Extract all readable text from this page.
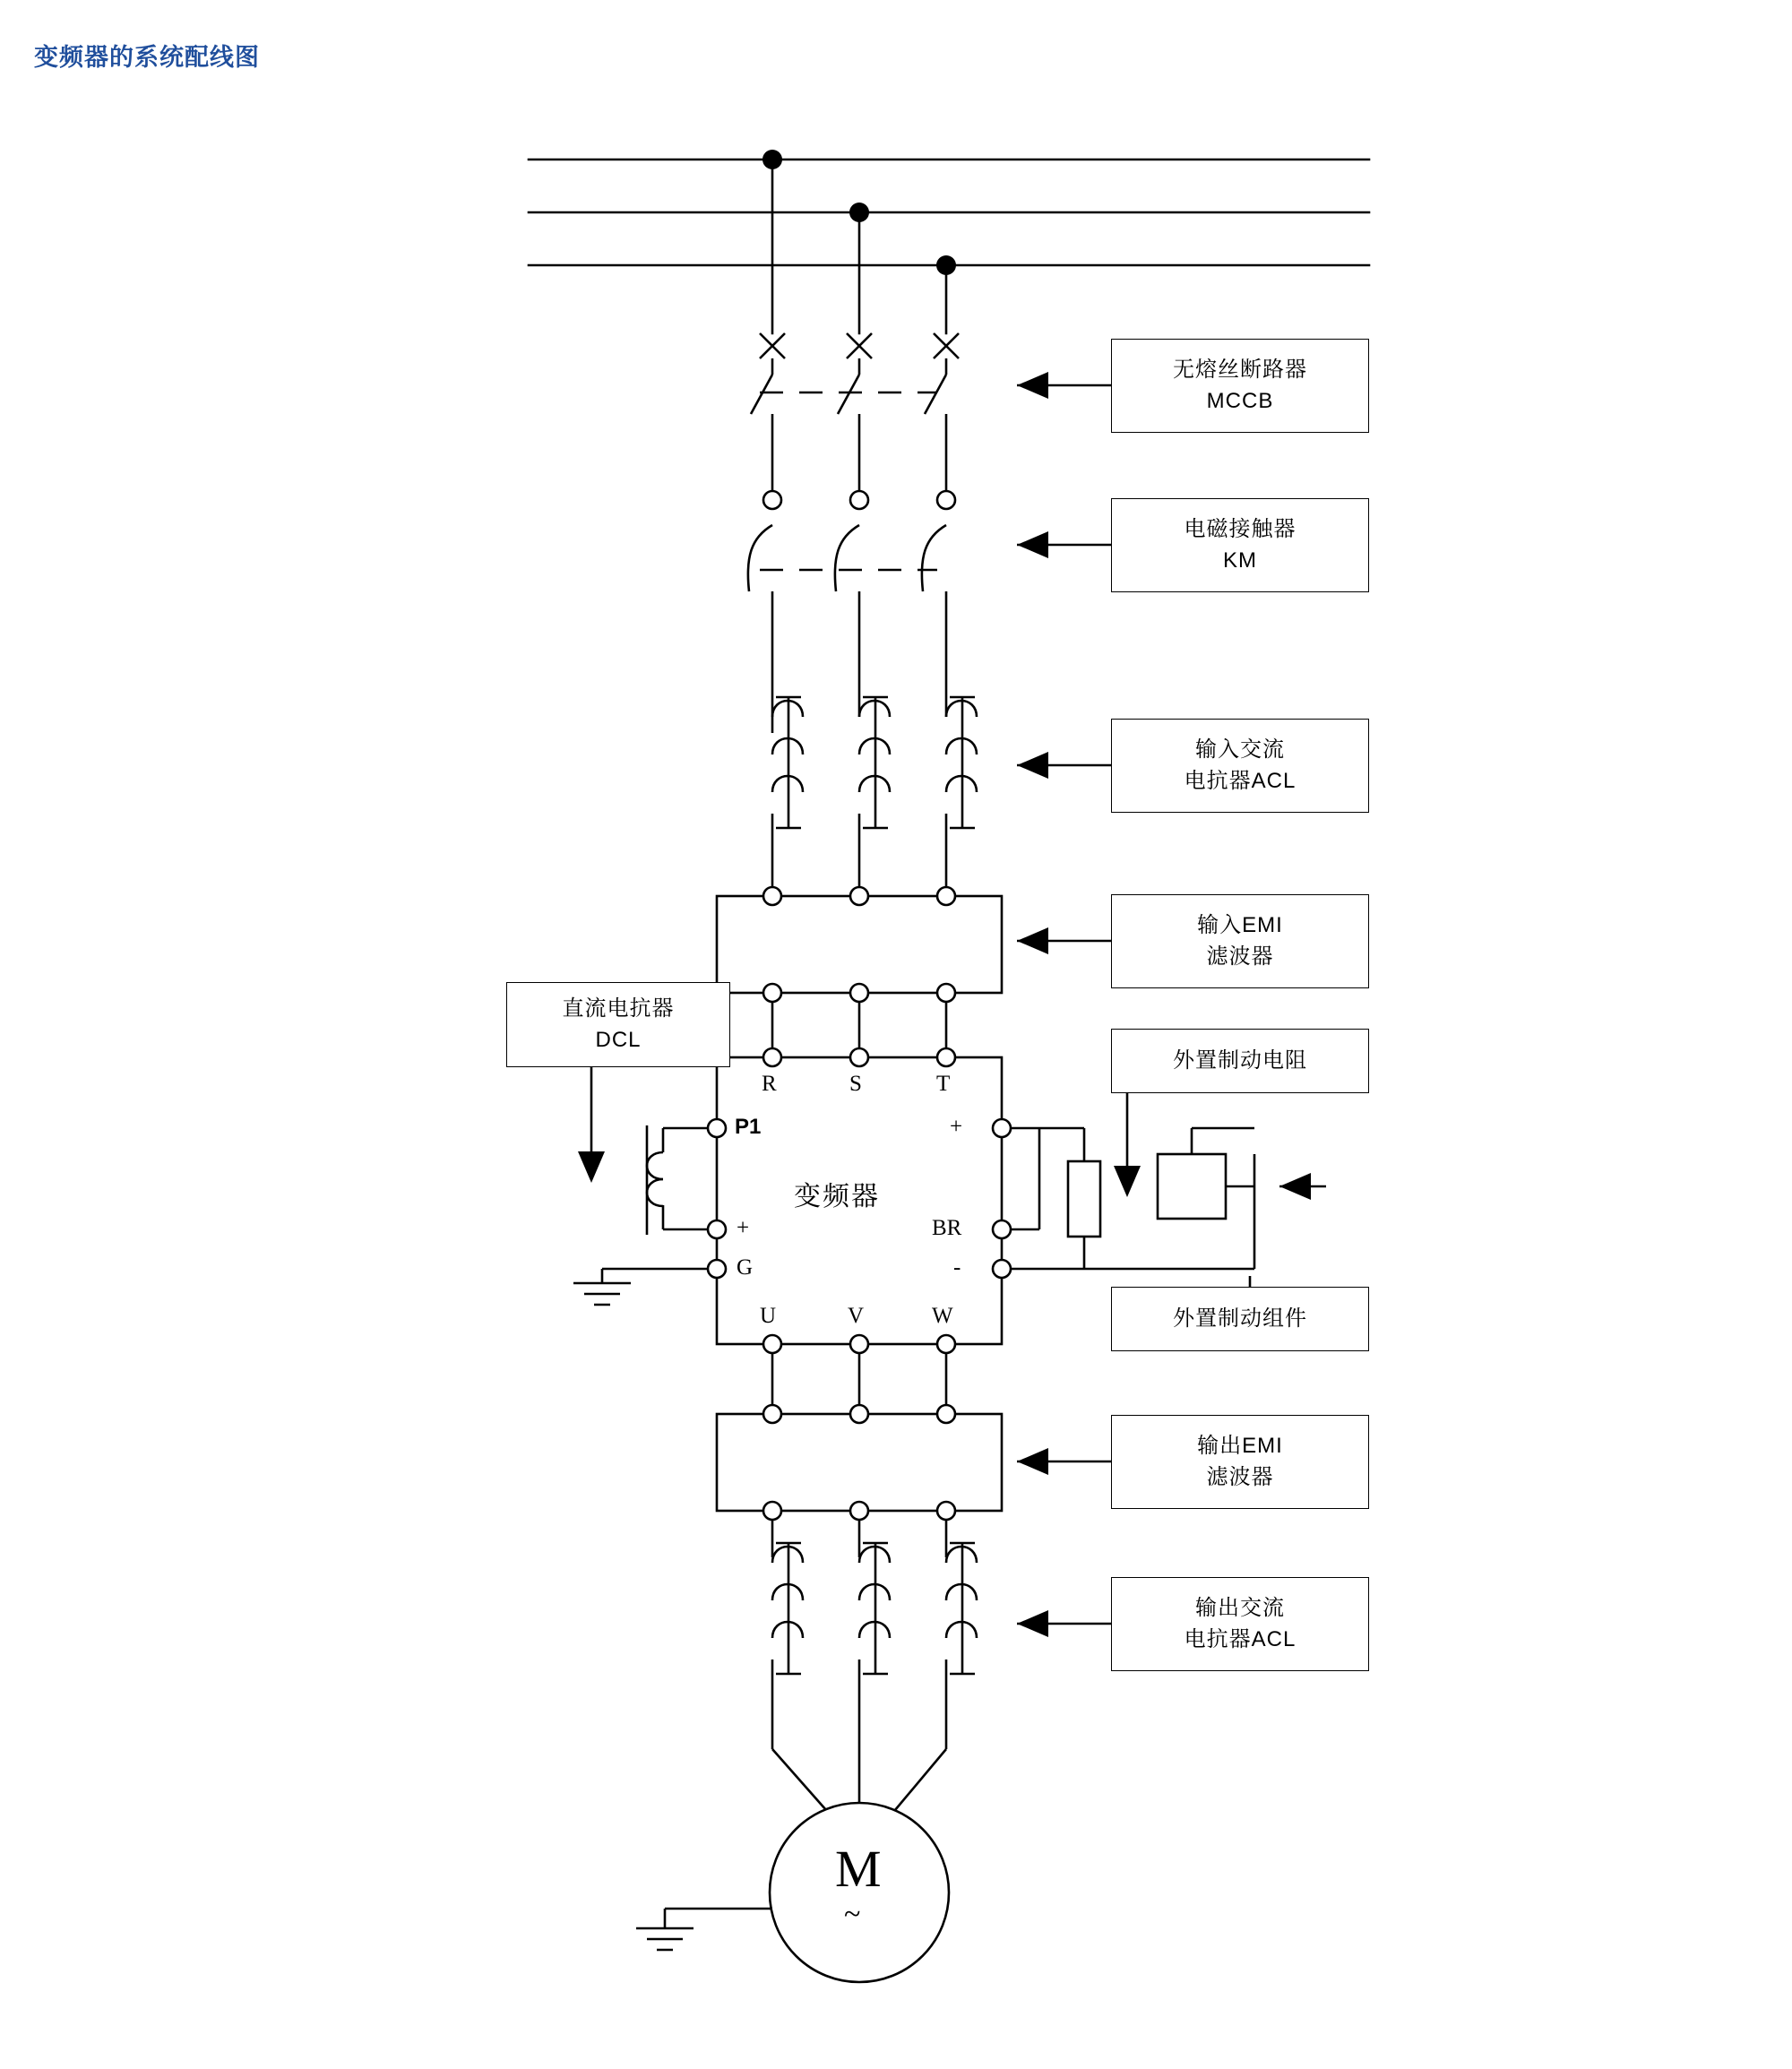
变频器的系统配线图
变频器
R	S	T
P1
+
G
+
BR
-
U	V	W
M
~
无熔丝断路器
MCCB
电磁接触器
KM
输入交流
电抗器ACL
输入EMI
滤波器
直流电抗器
DCL
外置制动电阻
外置制动组件
输出EMI
滤波器
输出交流
电抗器ACL
